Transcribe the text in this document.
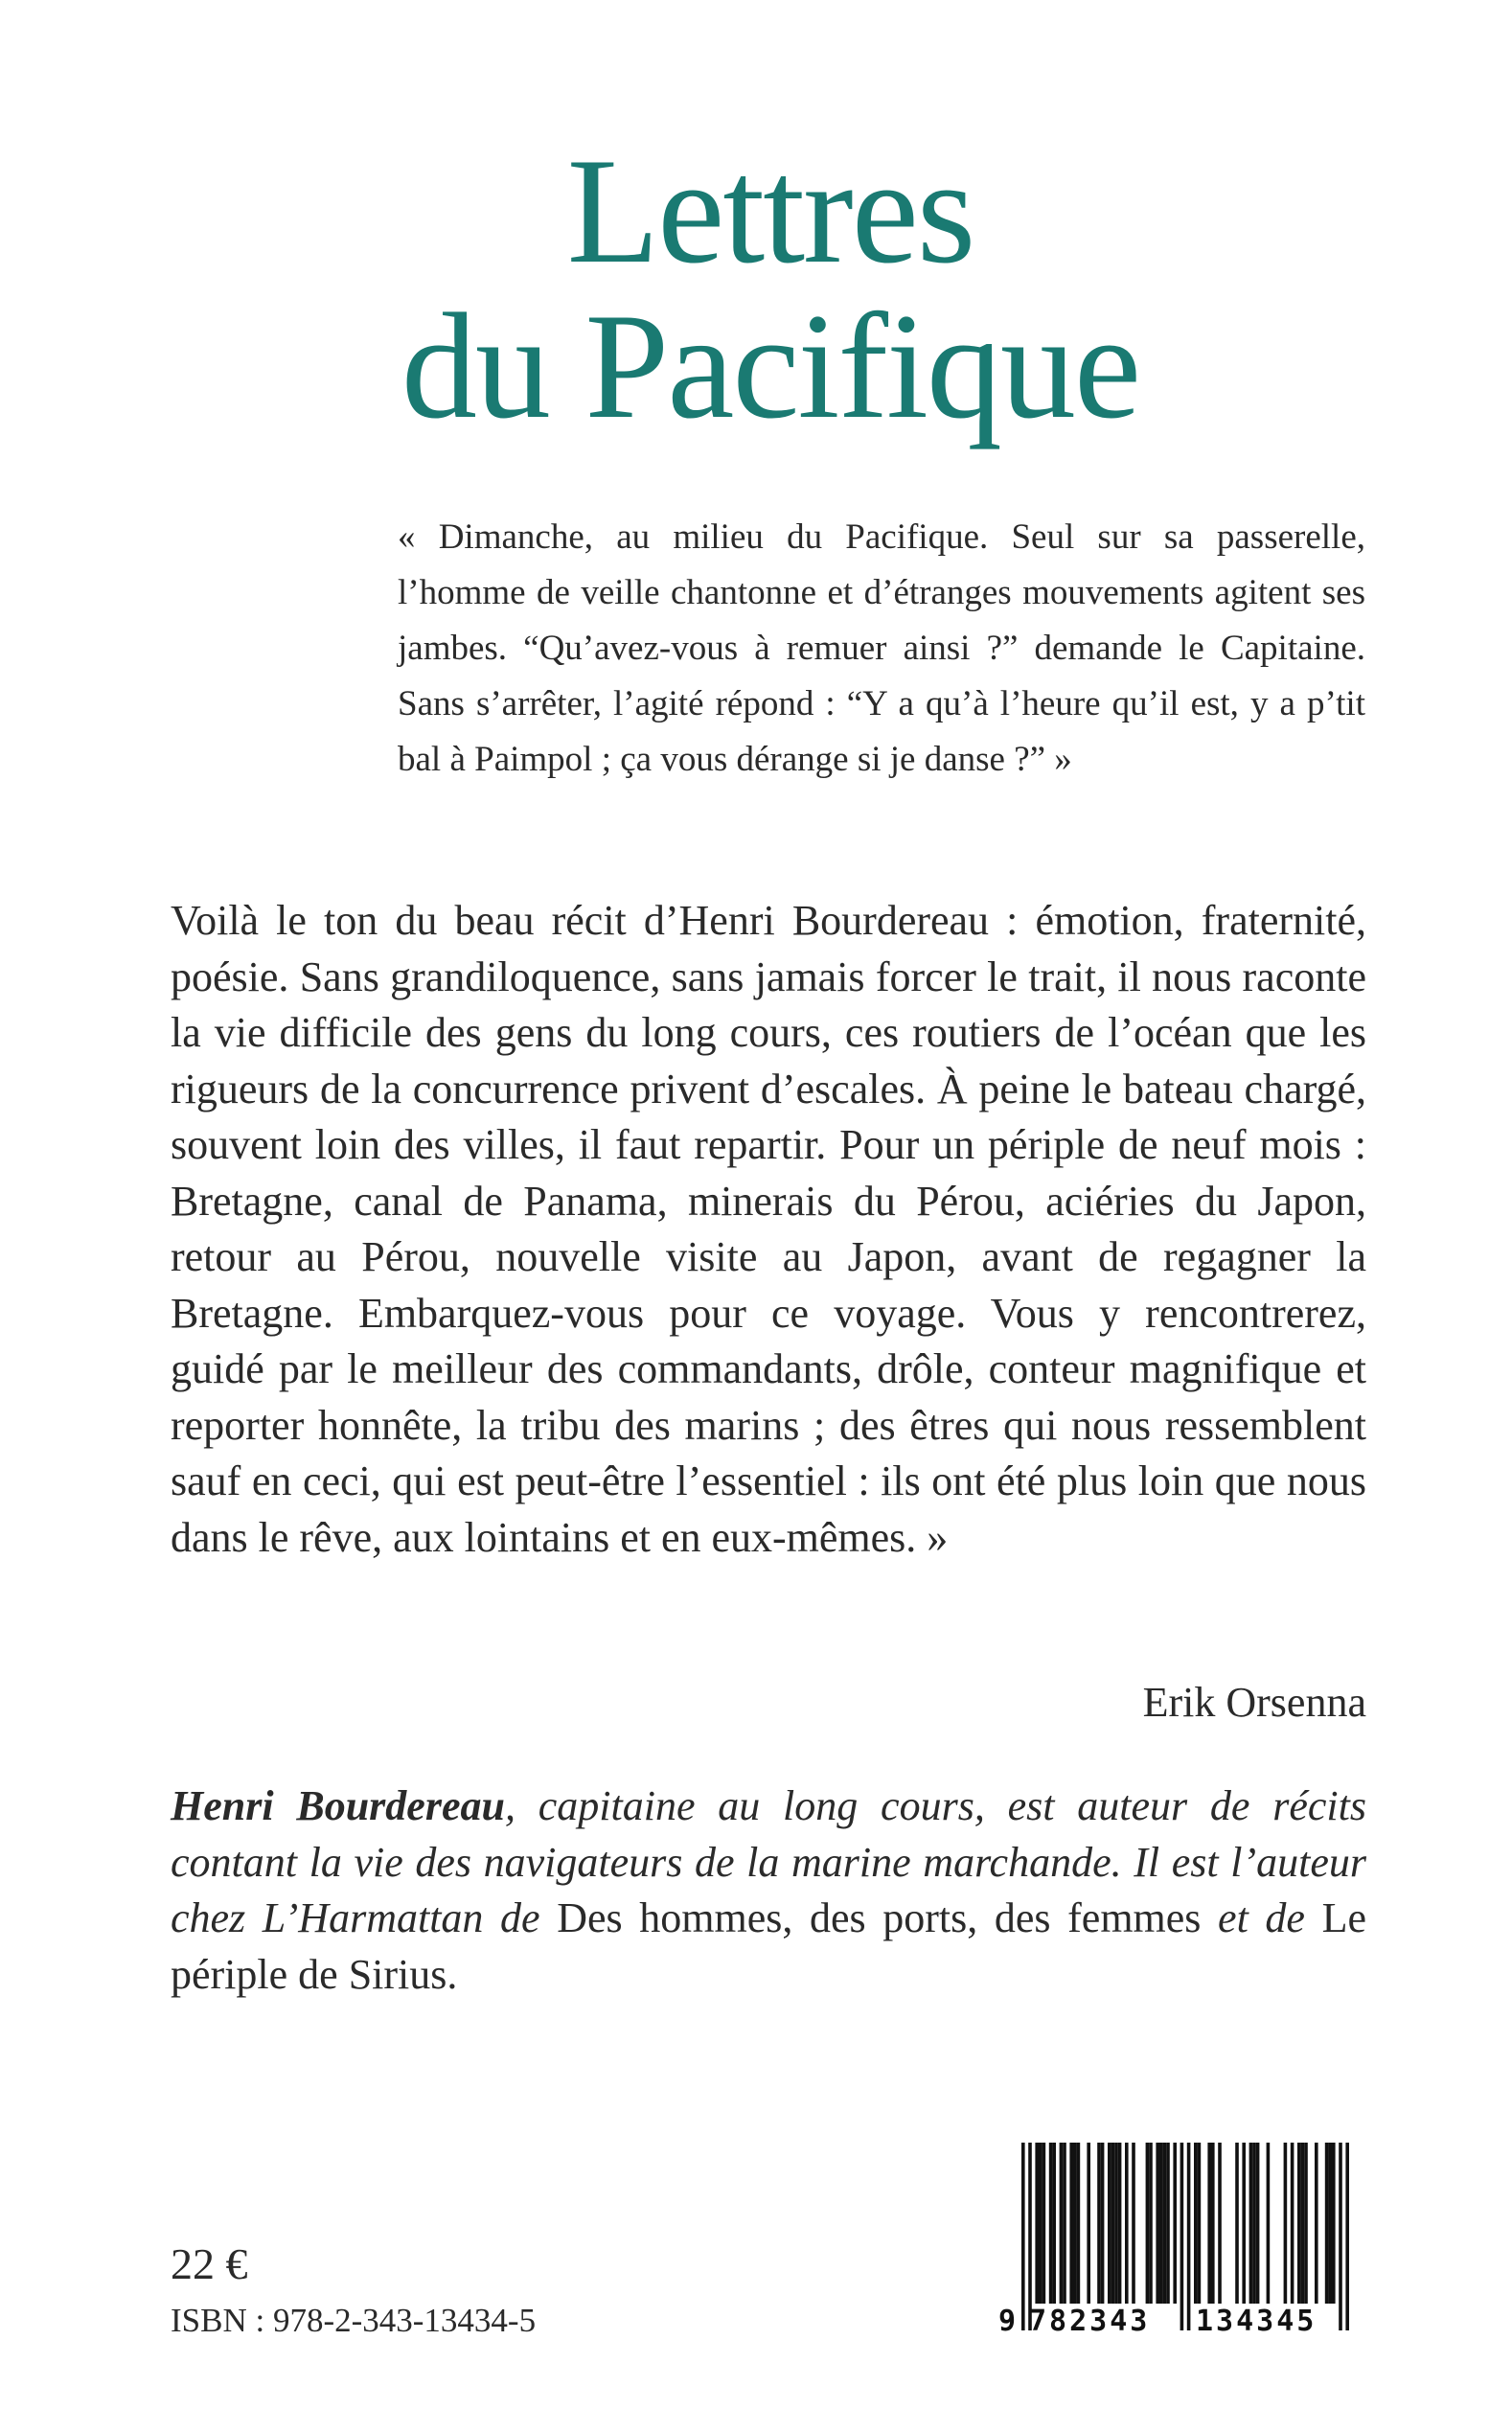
Lettres
du Pacifique

« Dimanche, au milieu du Pacifique. Seul sur sa passerelle, l’homme de veille chantonne et d’étranges mouvements agitent ses jambes. “Qu’avez-vous à remuer ainsi ?” demande le Capitaine. Sans s’arrêter, l’agité répond : “Y a qu’à l’heure qu’il est, y a p’tit bal à Paimpol ; ça vous dérange si je danse ?” »

Voilà le ton du beau récit d’Henri Bourdereau : émotion, fraternité, poésie. Sans grandiloquence, sans jamais forcer le trait, il nous raconte la vie difficile des gens du long cours, ces routiers de l’océan que les rigueurs de la concurrence privent d’escales. À peine le bateau chargé, souvent loin des villes, il faut repartir. Pour un périple de neuf mois : Bretagne, canal de Panama, minerais du Pérou, aciéries du Japon, retour au Pérou, nouvelle visite au Japon, avant de regagner la Bretagne. Embarquez-vous pour ce voyage. Vous y rencontrerez, guidé par le meilleur des commandants, drôle, conteur magnifique et reporter honnête, la tribu des marins ; des êtres qui nous ressemblent sauf en ceci, qui est peut-être l’essentiel : ils ont été plus loin que nous dans le rêve, aux lointains et en eux-mêmes. »

Erik Orsenna

Henri Bourdereau, capitaine au long cours, est auteur de récits contant la vie des navigateurs de la marine marchande. Il est l’auteur chez L’Harmattan de Des hommes, des ports, des femmes et de Le périple de Sirius.

22 €
ISBN : 978-2-343-13434-5	9 782343 134345
